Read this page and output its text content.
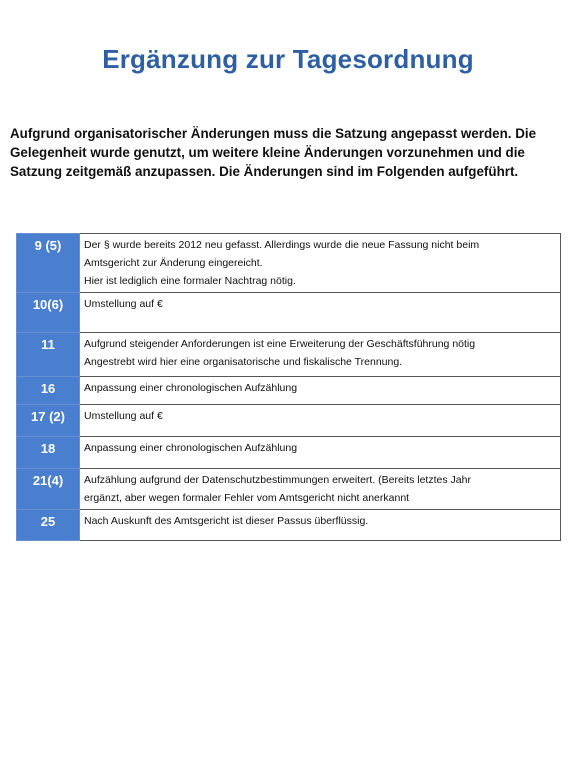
Ergänzung zur Tagesordnung
Aufgrund organisatorischer Änderungen muss die Satzung angepasst werden. Die Gelegenheit wurde genutzt, um weitere kleine Änderungen vorzunehmen und die Satzung zeitgemäß anzupassen. Die Änderungen sind im Folgenden aufgeführt.
9 (5)	Der § wurde bereits 2012 neu gefasst. Allerdings wurde die neue Fassung nicht beim
Amtsgericht zur Änderung eingereicht.
Hier ist lediglich eine formaler Nachtrag nötig.

10(6)	Umstellung auf €

11	Aufgrund steigender Anforderungen ist eine Erweiterung der Geschäftsführung nötig
Angestrebt wird hier eine organisatorische und fiskalische Trennung.

16	Anpassung einer chronologischen Aufzählung

17 (2)	Umstellung auf €

18	Anpassung einer chronologischen Aufzählung

21(4)	Aufzählung aufgrund der Datenschutzbestimmungen erweitert. (Bereits letztes Jahr
ergänzt, aber wegen formaler Fehler vom Amtsgericht nicht anerkannt

25	Nach Auskunft des Amtsgericht ist dieser Passus überflüssig.
